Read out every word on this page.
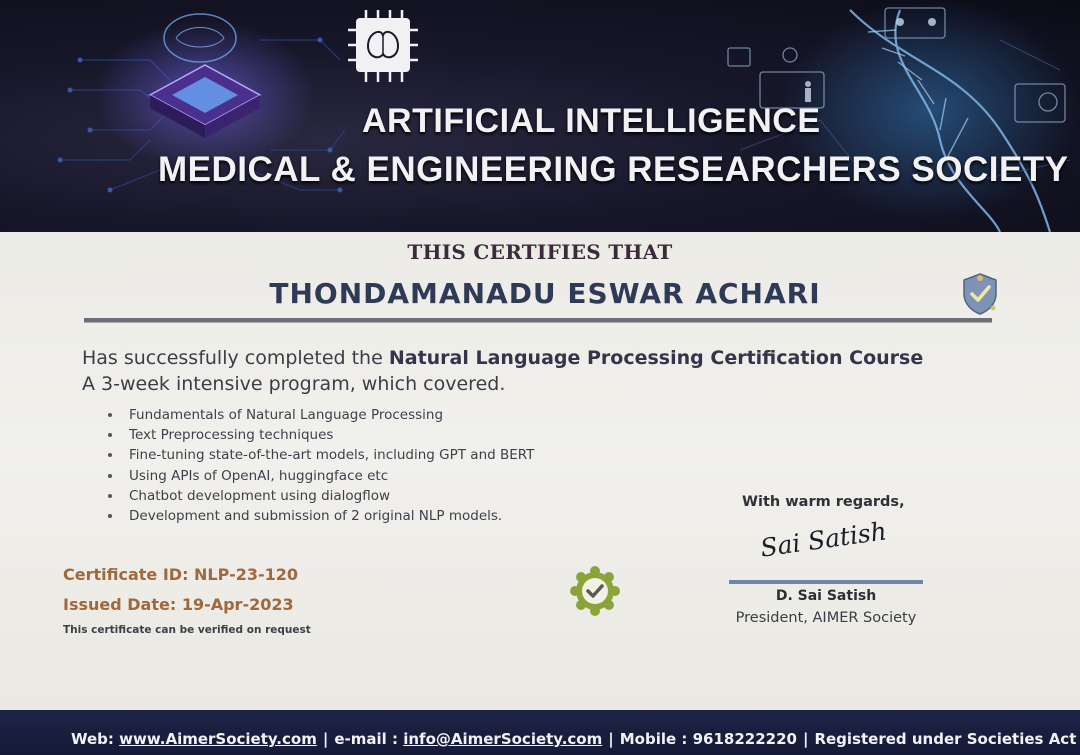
ARTIFICIAL INTELLIGENCE
MEDICAL & ENGINEERING RESEARCHERS SOCIETY
THIS CERTIFIES THAT
THONDAMANADU ESWAR ACHARI
Has successfully completed the Natural Language Processing Certification Course
A 3-week intensive program, which covered.
Fundamentals of Natural Language Processing
Text Preprocessing techniques
Fine-tuning state-of-the-art models, including GPT and BERT
Using APIs of OpenAI, huggingface etc
Chatbot development using dialogflow
Development and submission of 2 original NLP models.
Certificate ID: NLP-23-120
Issued Date: 19-Apr-2023
This certificate can be verified on request
With warm regards,
Sai Satish
D. Sai Satish
President, AIMER Society
Web: www.AimerSociety.com | e-mail : info@AimerSociety.com | Mobile : 9618222220 | Registered under Societies Act
